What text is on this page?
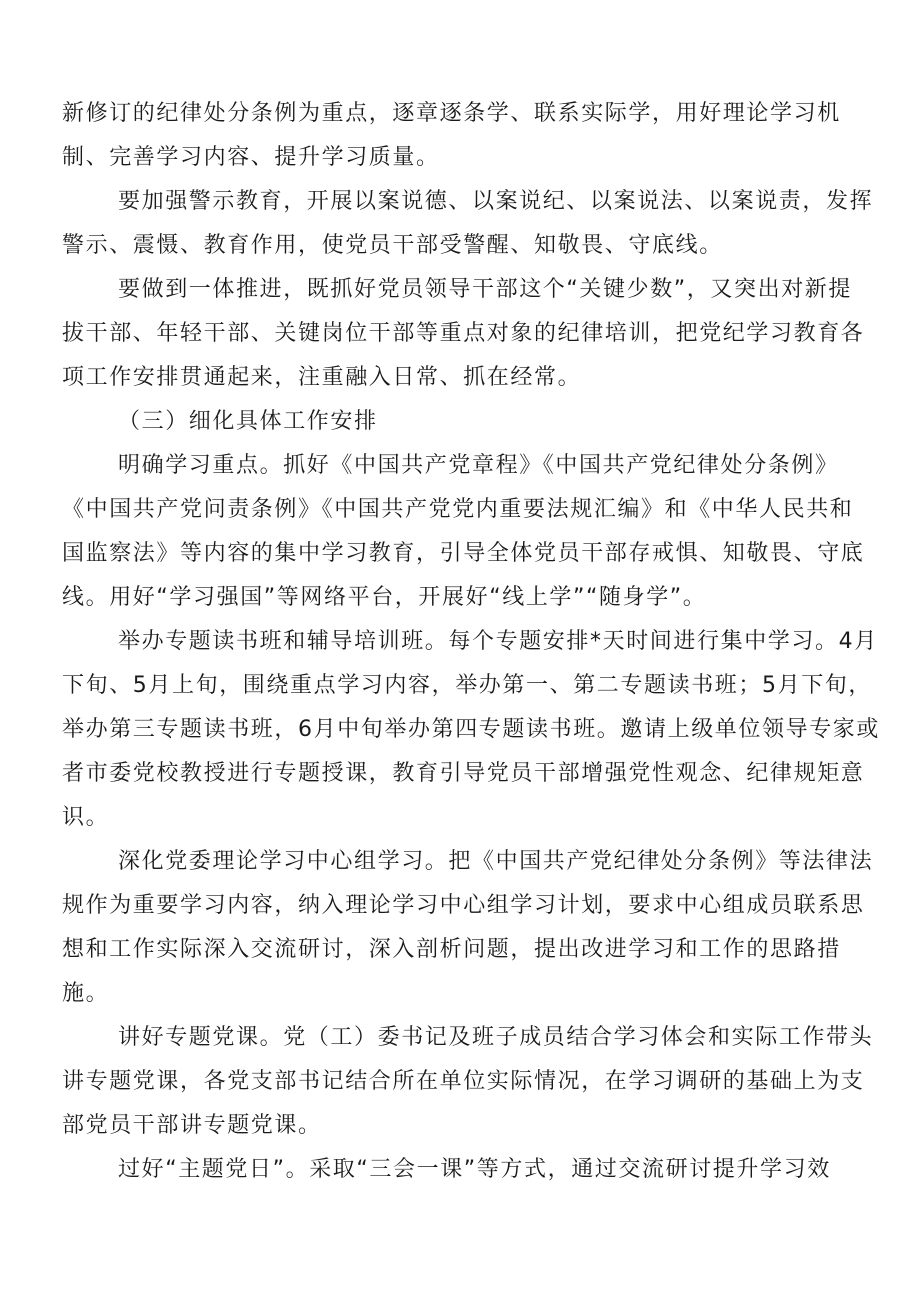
新修订的纪律处分条例为重点，逐章逐条学、联系实际学，用好理论学习机
制、完善学习内容、提升学习质量。
要加强警示教育，开展以案说德、以案说纪、以案说法、以案说责，发挥
警示、震慑、教育作用，使党员干部受警醒、知敬畏、守底线。
要做到一体推进，既抓好党员领导干部这个“关键少数”，又突出对新提
拔干部、年轻干部、关键岗位干部等重点对象的纪律培训，把党纪学习教育各
项工作安排贯通起来，注重融入日常、抓在经常。
（三）细化具体工作安排
明确学习重点。抓好《中国共产党章程》《中国共产党纪律处分条例》
《中国共产党问责条例》《中国共产党党内重要法规汇编》和《中华人民共和
国监察法》等内容的集中学习教育，引导全体党员干部存戒惧、知敬畏、守底
线。用好“学习强国”等网络平台，开展好“线上学”“随身学”。
举办专题读书班和辅导培训班。每个专题安排*天时间进行集中学习。4月
下旬、5月上旬，围绕重点学习内容，举办第一、第二专题读书班；5月下旬，
举办第三专题读书班，6月中旬举办第四专题读书班。邀请上级单位领导专家或
者市委党校教授进行专题授课，教育引导党员干部增强党性观念、纪律规矩意
识。
深化党委理论学习中心组学习。把《中国共产党纪律处分条例》等法律法
规作为重要学习内容，纳入理论学习中心组学习计划，要求中心组成员联系思
想和工作实际深入交流研讨，深入剖析问题，提出改进学习和工作的思路措
施。
讲好专题党课。党（工）委书记及班子成员结合学习体会和实际工作带头
讲专题党课，各党支部书记结合所在单位实际情况，在学习调研的基础上为支
部党员干部讲专题党课。
过好“主题党日”。采取“三会一课”等方式，通过交流研讨提升学习效
